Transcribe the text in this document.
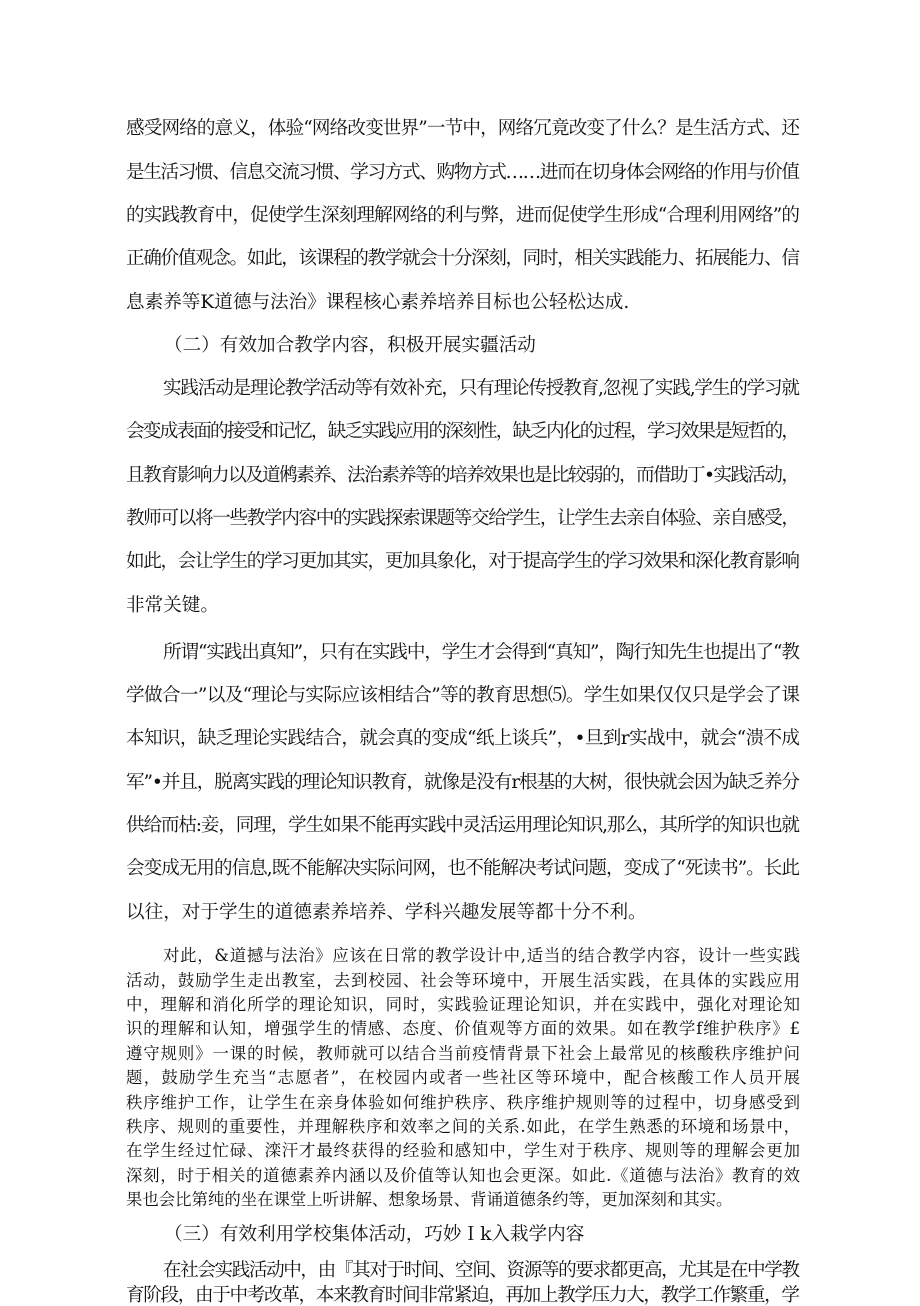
感受网络的意义，体验“网络改变世界”一节中，网络冗竟改变了什么？是生活方式、还
是生活习惯、信息交流习惯、学习方式、购物方式……进而在切身体会网络的作用与价值
的实践教育中，促使学生深刻理解网络的利与弊，进而促使学生形成“合理利用网络”的
正确价值观念。如此，该课程的教学就会十分深刻，同时，相关实践能力、拓展能力、信
息素养等K道德与法治》课程核心素养培养目标也公轻松达成.
（二）有效加合教学内容，积极开展实疆活动
实践活动是理论教学活动等有效补充，只有理论传授教育,忽视了实践,学生的学习就
会变成表面的接受和记忆，缺乏实践应用的深刻性，缺乏内化的过程，学习效果是短哲的，
且教育影响力以及道鸺素养、法治素养等的培养效果也是比较弱的，而借助丁•实践活动，
教师可以将一些教学内容中的实践探索课题等交给学生，让学生去亲自体验、亲自感受，
如此，会让学生的学习更加其实，更加具象化，对于提高学生的学习效果和深化教育影响
非常关键。
所谓“实践出真知”，只有在实践中，学生才会得到“真知”，陶行知先生也提出了“教
学做合一”以及“理论与实际应该相结合”等的教育思想⑸。学生如果仅仅只是学会了课
本知识，缺乏理论实践结合，就会真的变成“纸上谈兵”，•旦到r实战中，就会“溃不成
军”•并且，脱离实践的理论知识教育，就像是没有r根基的大树，很快就会因为缺乏养分
供给而枯:妾，同理，学生如果不能再实践中灵活运用理论知识,那么，其所学的知识也就
会变成无用的信息,既不能解决实际问网，也不能解决考试问题，变成了“死读书”。长此
以往，对于学生的道德素养培养、学科兴趣发展等都十分不利。
对此，&道撼与法治》应该在日常的教学设计中,适当的结合教学内容，设计一些实践
活动，鼓励学生走出教室，去到校园、社会等环境中，开展生活实践，在具体的实践应用
中，理解和消化所学的理论知识，同时，实践验证理论知识，并在实践中，强化对理论知
识的理解和认知，增强学生的情感、态度、价值观等方面的效果。如在教学f维护秩序》£
遵守规则》一课的时候，教师就可以结合当前疫情背景下社会上最常见的核酸秩序维护问
题，鼓励学生充当“志愿者”，在校园内或者一些社区等环境中，配合核酸工作人员开展
秩序维护工作，让学生在亲身体验如何维护秩序、秩序维护规则等的过程中，切身感受到
秩序、规则的重要性，并理解秩序和效率之间的关系.如此，在学生熟悉的环境和场景中，
在学生经过忙碌、滦汗才最终获得的经验和感知中，学生对于秩序、规则等的理解会更加
深刻，时于相关的道德素养内涵以及价值等认知也会更深。如此.《道德与法治》教育的效
果也会比第纯的坐在课堂上听讲解、想象场景、背诵道德条约等，更加深刻和其实。
（三）有效利用学校集体活动，巧妙Ｉk入栽学内容
在社会实践活动中，由『其对于时间、空间、资源等的要求都更高，尤其是在中学教
育阶段，由于中考改革，本来教育时间非常紧迫，再加上教学压力大，教学工作繁重，学
